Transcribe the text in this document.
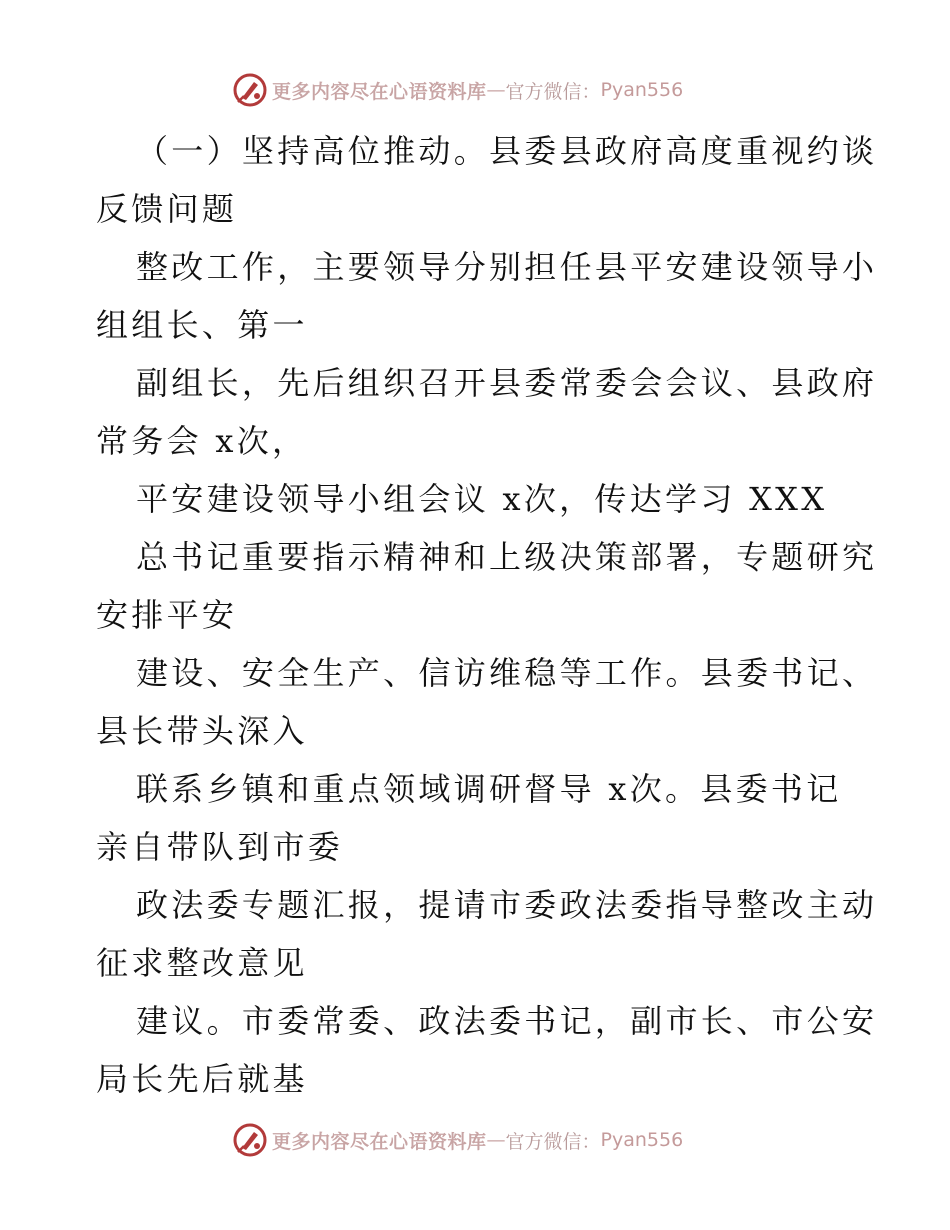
更多内容尽在心语资料库 — 官方微信： Pyan556
（一）坚持高位推动。县委县政府高度重视约谈
反馈问题
整改工作，主要领导分别担任县平安建设领导小
组组长、第一
副组长，先后组织召开县委常委会会议、县政府
常务会 x次，
平安建设领导小组会议 x次，传达学习 XXX
总书记重要指示精神和上级决策部署，专题研究
安排平安
建设、安全生产、信访维稳等工作。县委书记、
县长带头深入
联系乡镇和重点领域调研督导 x次。县委书记
亲自带队到市委
政法委专题汇报，提请市委政法委指导整改主动
征求整改意见
建议。市委常委、政法委书记，副市长、市公安
局长先后就基
更多内容尽在心语资料库 — 官方微信： Pyan556
